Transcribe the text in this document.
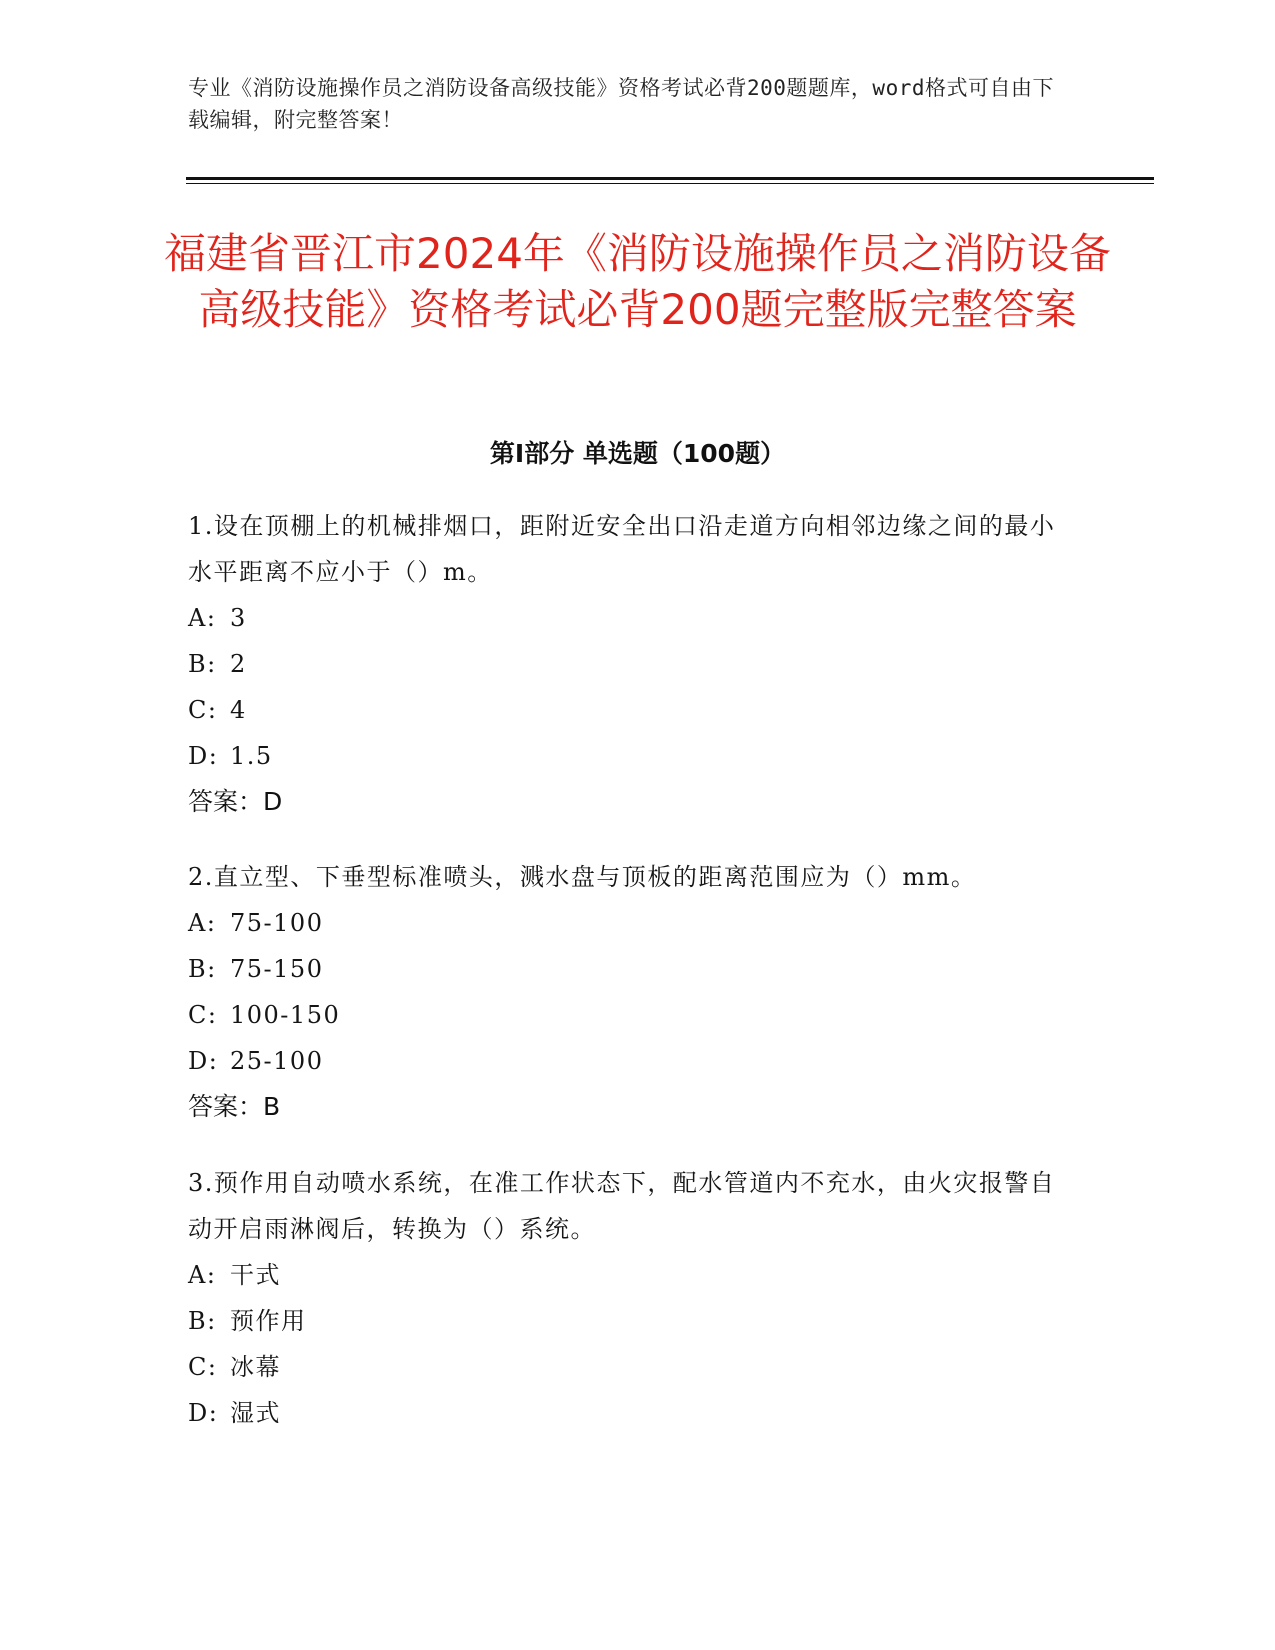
专业《消防设施操作员之消防设备高级技能》资格考试必背200题题库，word格式可自由下载编辑，附完整答案！
福建省晋江市2024年《消防设施操作员之消防设备高级技能》资格考试必背200题完整版完整答案
第I部分 单选题（100题）

1.设在顶棚上的机械排烟口，距附近安全出口沿走道方向相邻边缘之间的最小水平距离不应小于（）m。

A: 3
B: 2
C: 4
D: 1.5
答案：D

2.直立型、下垂型标准喷头，溅水盘与顶板的距离范围应为（）mm。

A: 75-100
B: 75-150
C: 100-150
D: 25-100
答案：B

3.预作用自动喷水系统，在准工作状态下，配水管道内不充水，由火灾报警自动开启雨淋阀后，转换为（）系统。

A: 干式
B: 预作用
C: 冰幕
D: 湿式
